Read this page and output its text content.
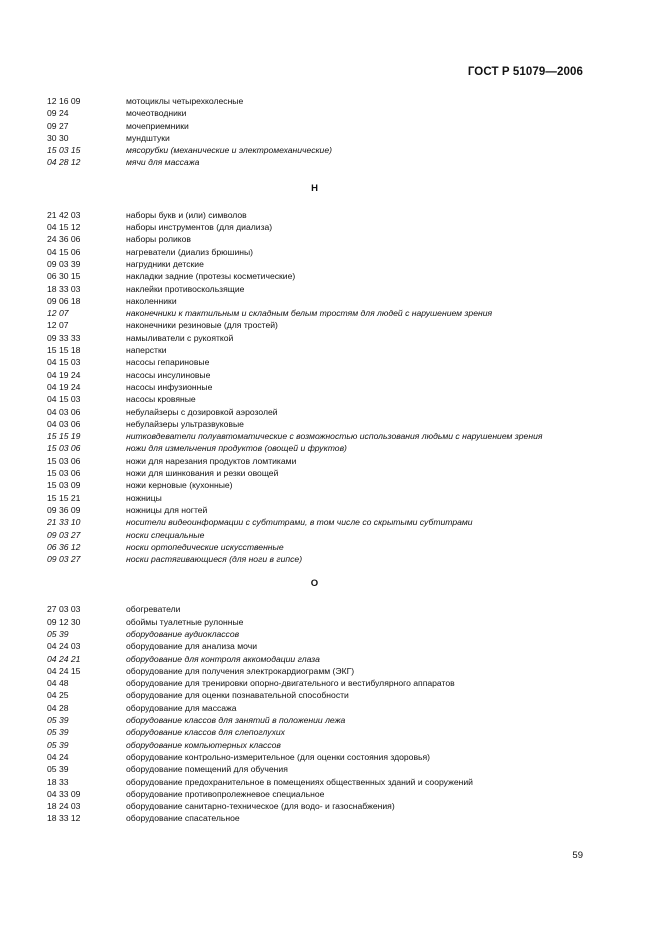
ГОСТ Р 51079—2006
12 16 09	мотоциклы четырехколесные
09 24	мочеотводники
09 27	мочеприемники
30 30	мундштуки
15 03 15	мясорубки (механические и электромеханические)
04 28 12	мячи для массажа
Н
21 42 03	наборы букв и (или) символов
04 15 12	наборы инструментов (для диализа)
24 36 06	наборы роликов
04 15 06	нагреватели (диализ брюшины)
09 03 39	нагрудники детские
06 30 15	накладки задние (протезы косметические)
18 33 03	наклейки противоскользящие
09 06 18	наколенники
12 07	наконечники к тактильным и складным белым тростям для людей с нарушением зрения
12 07	наконечники резиновые (для тростей)
09 33 33	намыливатели с рукояткой
15 15 18	наперстки
04 15 03	насосы гепариновые
04 19 24	насосы инсулиновые
04 19 24	насосы инфузионные
04 15 03	насосы кровяные
04 03 06	небулайзеры с дозировкой аэрозолей
04 03 06	небулайзеры ультразвуковые
15 15 19	нитковдеватели полуавтоматические с возможностью использования людьми с нарушением зрения
15 03 06	ножи для измельчения продуктов (овощей и фруктов)
15 03 06	ножи для нарезания продуктов ломтиками
15 03 06	ножи для шинкования и резки овощей
15 03 09	ножи керновые (кухонные)
15 15 21	ножницы
09 36 09	ножницы для ногтей
21 33 10	носители видеоинформации с субтитрами, в том числе со скрытыми субтитрами
09 03 27	носки специальные
06 36 12	носки ортопедические искусственные
09 03 27	носки растягивающиеся (для ноги в гипсе)
О
27 03 03	обогреватели
09 12 30	обоймы туалетные рулонные
05 39	оборудование аудиоклассов
04 24 03	оборудование для анализа мочи
04 24 21	оборудование для контроля аккомодации глаза
04 24 15	оборудование для получения электрокардиограмм (ЭКГ)
04 48	оборудование для тренировки опорно-двигательного и вестибулярного аппаратов
04 25	оборудование для оценки познавательной способности
04 28	оборудование для массажа
05 39	оборудование классов для занятий в положении лежа
05 39	оборудование классов для слепоглухих
05 39	оборудование компьютерных классов
04 24	оборудование контрольно-измерительное (для оценки состояния здоровья)
05 39	оборудование помещений для обучения
18 33	оборудование предохранительное в помещениях общественных зданий и сооружений
04 33 09	оборудование противопролежневое специальное
18 24 03	оборудование санитарно-техническое (для водо- и газоснабжения)
18 33 12	оборудование спасательное
59
